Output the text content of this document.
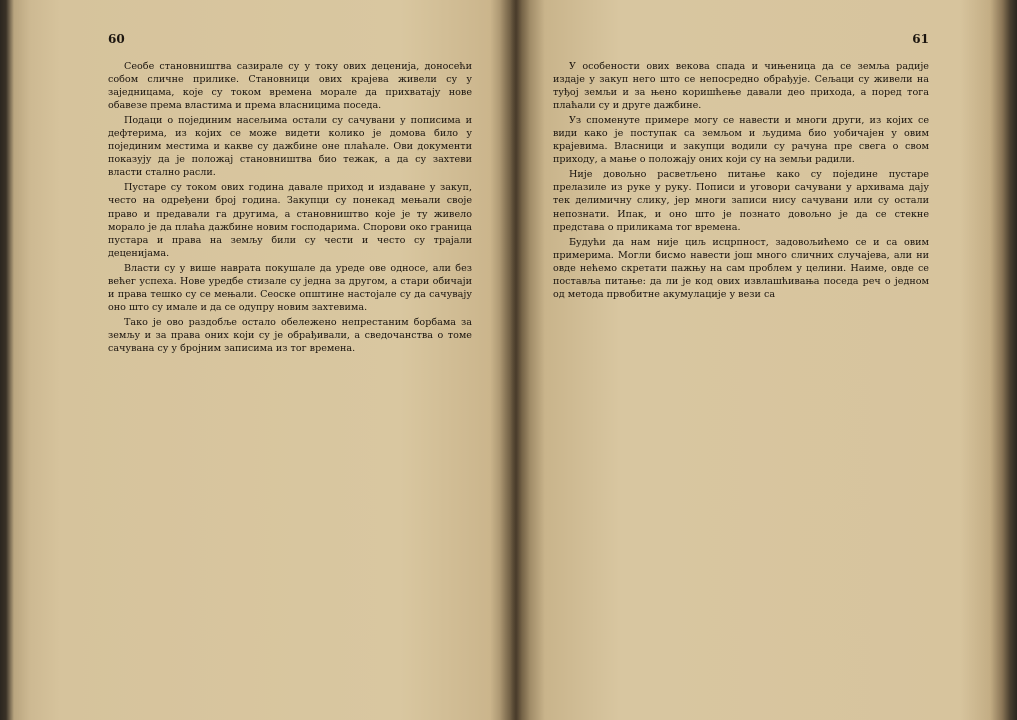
60

Сеобе становништва сазирале су у току ових деценија, доносећи собом сличне прилике. Становници ових крајева живели су у заједницама, које су током времена морале да прихватају нове обавезе према властима и према власницима поседа.

Подаци о појединим насељима остали су сачувани у пописима и дефтерима, из којих се може видети колико је домова било у појединим местима и какве су дажбине оне плаћале. Ови документи показују да је положај становништва био тежак, а да су захтеви власти стално расли.

Пустаре су током ових година давале приход и издаване у закуп, често на одређени број година. Закупци су понекад мењали своје право и предавали га другима, а становништво које је ту живело морало је да плаћа дажбине новим господарима. Спорови око граница пустара и права на земљу били су чести и често су трајали деценијама.

Власти су у више наврата покушале да уреде ове односе, али без већег успеха. Нове уредбе стизале су једна за другом, а стари обичаји и права тешко су се мењали. Сеоске општине настојале су да сачувају оно што су имале и да се одупру новим захтевима.

Тако је ово раздобље остало обележено непрестаним борбама за земљу и за права оних који су је обрађивали, а сведочанства о томе сачувана су у бројним записима из тог времена.

61

У особености ових векова спада и чињеница да се земља радије издаје у закуп него што се непосредно обрађује. Сељаци су живели на туђој земљи и за њено коришћење давали део прихода, а поред тога плаћали су и друге дажбине.

Уз споменуте примере могу се навести и многи други, из којих се види како је поступак са земљом и људима био уобичајен у овим крајевима. Власници и закупци водили су рачуна пре свега о свом приходу, а мање о положају оних који су на земљи радили.

Није довољно расветљено питање како су поједине пустаре прелазиле из руке у руку. Пописи и уговори сачувани у архивама дају тек делимичну слику, јер многи записи нису сачувани или су остали непознати. Ипак, и оно што је познато довољно је да се стекне представа о приликама тог времена.

Будући да нам није циљ исцрпност, задовољићемо се и са овим примерима. Могли бисмо навести још много сличних случајева, али ни овде нећемо скретати пажњу на сам проблем у целини. Наиме, овде се поставља питање: да ли је код ових извлашћивања поседа реч о једном од метода првобитне акумулације у вези са
